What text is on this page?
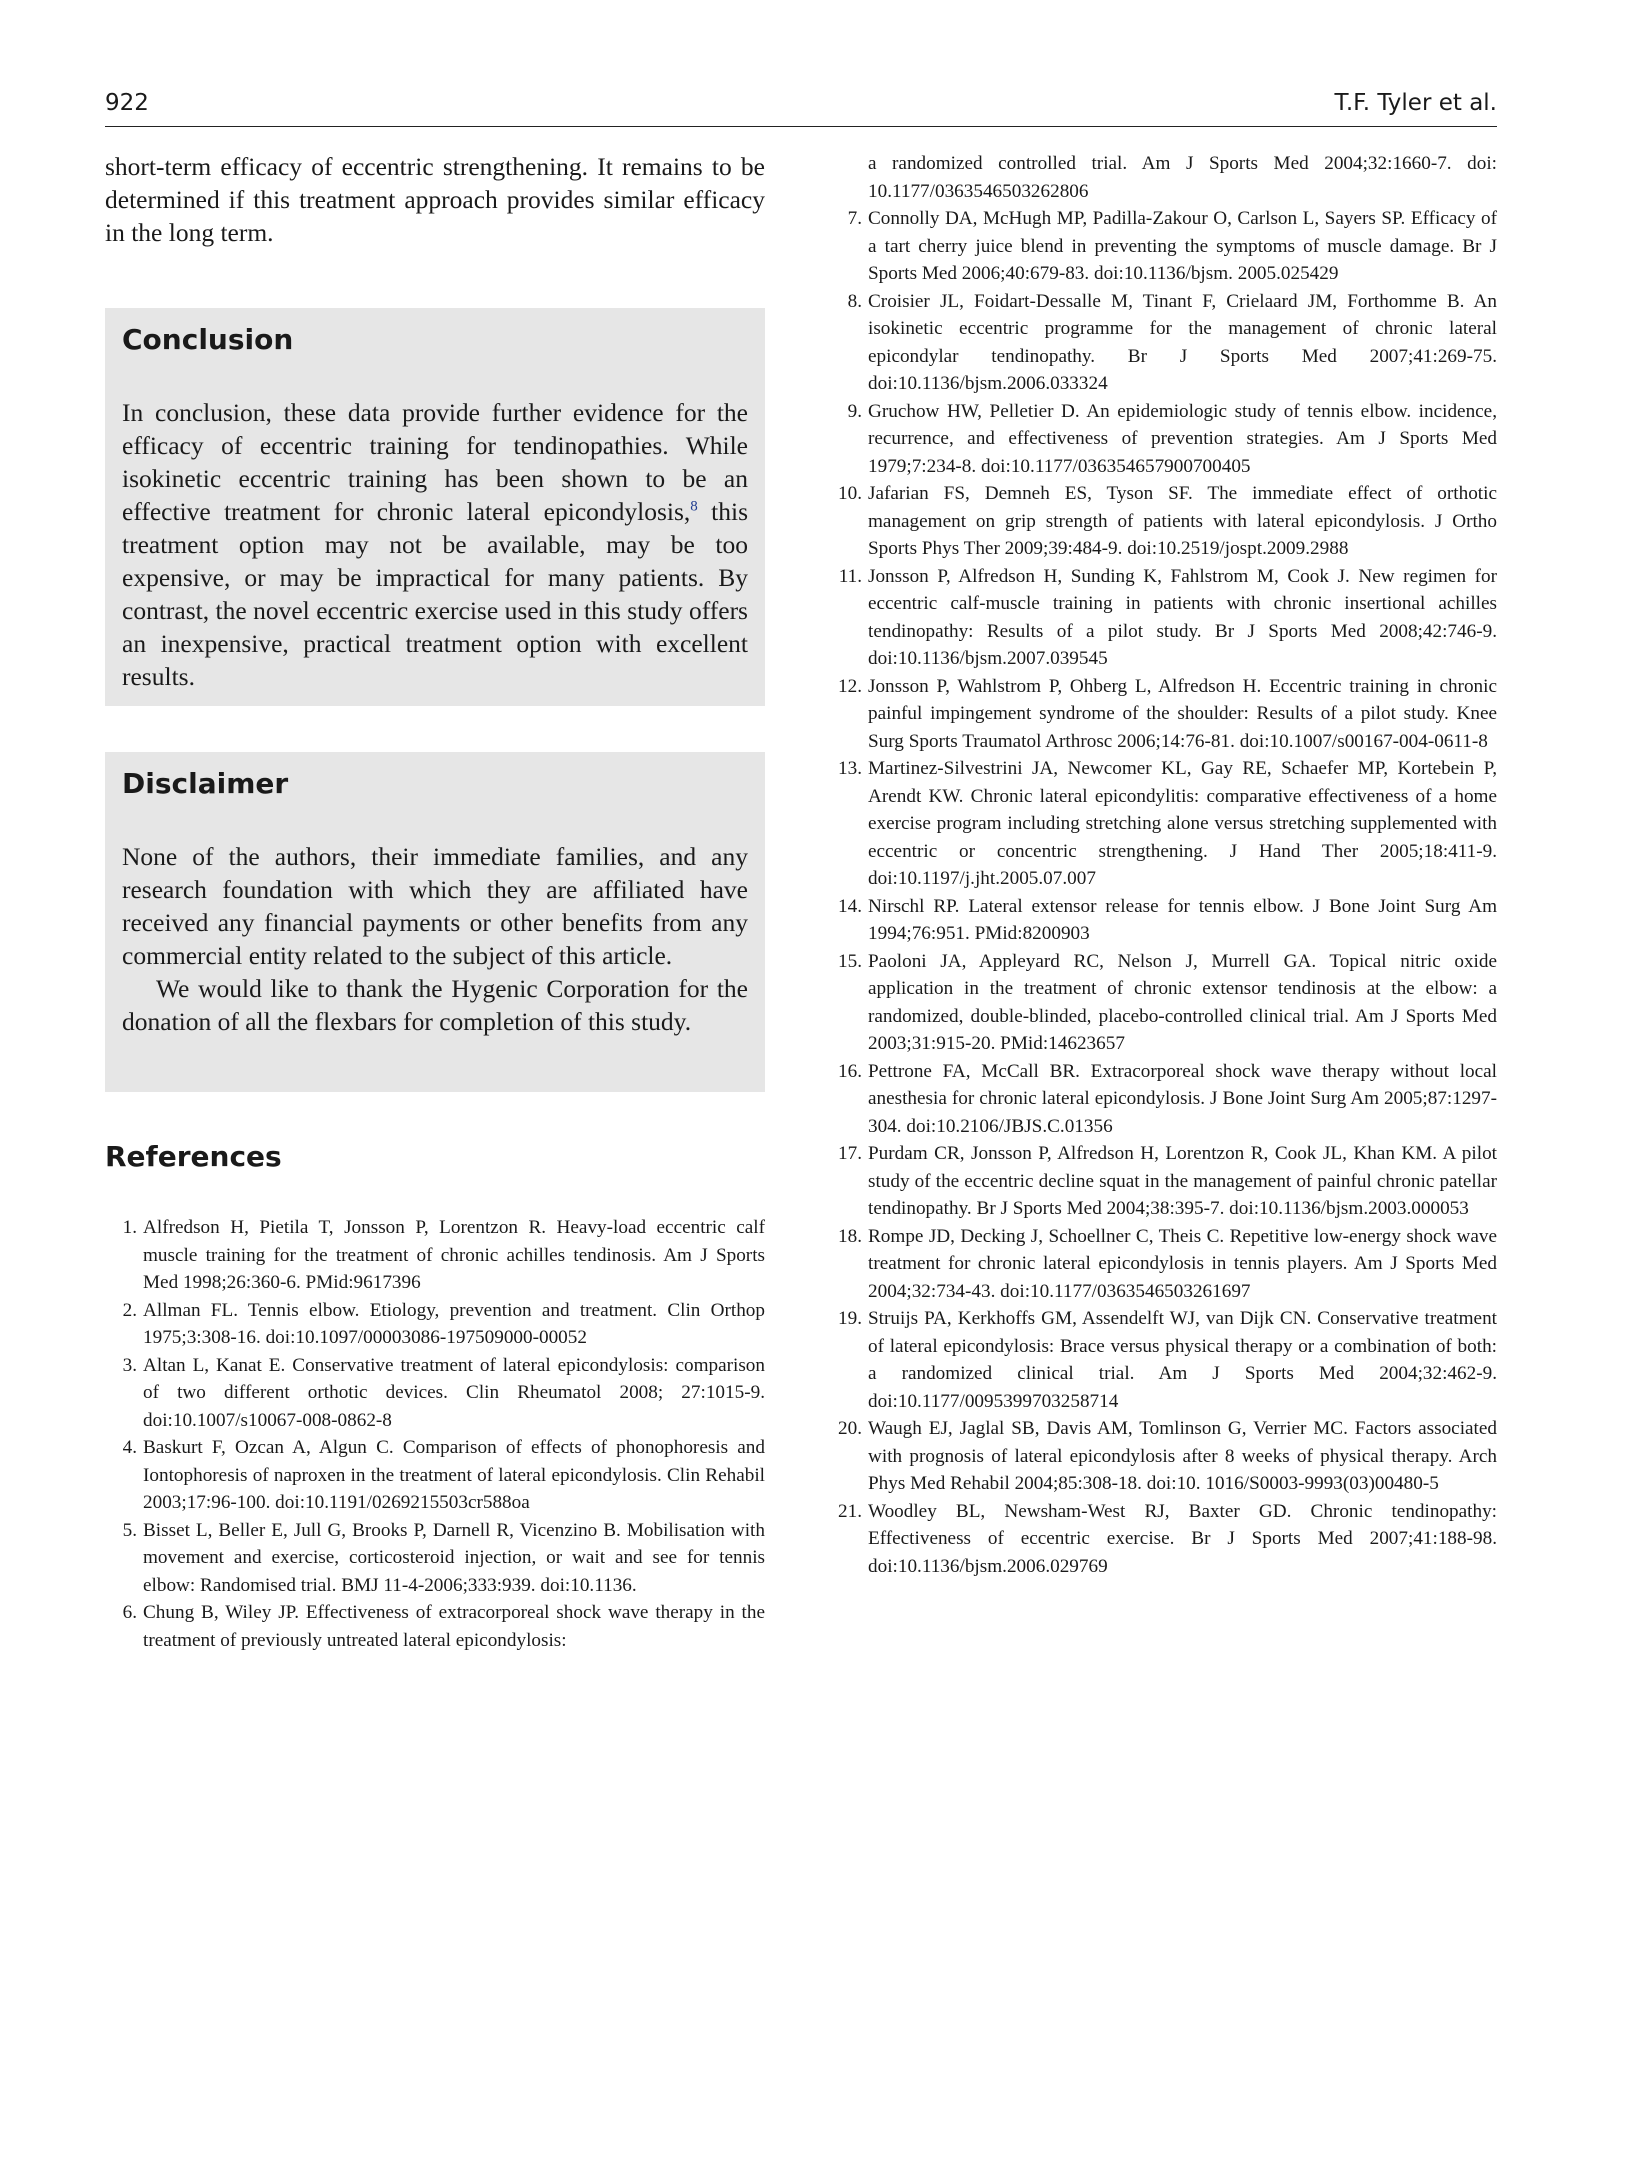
922	T.F. Tyler et al.

short-term efficacy of eccentric strengthening. It remains to be determined if this treatment approach provides similar efficacy in the long term.

Conclusion

In conclusion, these data provide further evidence for the efficacy of eccentric training for tendinopathies. While isokinetic eccentric training has been shown to be an effective treatment for chronic lateral epicondylosis,$^8$ this treatment option may not be available, may be too expensive, or may be impractical for many patients. By contrast, the novel eccentric exercise used in this study offers an inexpensive, practical treatment option with excellent results.

Disclaimer

None of the authors, their immediate families, and any research foundation with which they are affiliated have received any financial payments or other benefits from any commercial entity related to the subject of this article.

We would like to thank the Hygenic Corporation for the donation of all the flexbars for completion of this study.

References
1. Alfredson H, Pietila T, Jonsson P, Lorentzon R. Heavy-load eccentric calf muscle training for the treatment of chronic achilles tendinosis. Am J Sports Med 1998;26:360-6. PMid:9617396
2. Allman FL. Tennis elbow. Etiology, prevention and treatment. Clin Orthop 1975;3:308-16. doi:10.1097/00003086-197509000-00052
3. Altan L, Kanat E. Conservative treatment of lateral epicondylosis: comparison of two different orthotic devices. Clin Rheumatol 2008; 27:1015-9. doi:10.1007/s10067-008-0862-8
4. Baskurt F, Ozcan A, Algun C. Comparison of effects of phonophoresis and Iontophoresis of naproxen in the treatment of lateral epicondylosis. Clin Rehabil 2003;17:96-100. doi:10.1191/0269215503cr588oa
5. Bisset L, Beller E, Jull G, Brooks P, Darnell R, Vicenzino B. Mobilisation with movement and exercise, corticosteroid injection, or wait and see for tennis elbow: Randomised trial. BMJ 11-4-2006;333:939. doi:10.1136.
6. Chung B, Wiley JP. Effectiveness of extracorporeal shock wave therapy in the treatment of previously untreated lateral epicondylosis:
a randomized controlled trial. Am J Sports Med 2004;32:1660-7. doi: 10.1177/0363546503262806
7. Connolly DA, McHugh MP, Padilla-Zakour O, Carlson L, Sayers SP. Efficacy of a tart cherry juice blend in preventing the symptoms of muscle damage. Br J Sports Med 2006;40:679-83. doi:10.1136/bjsm. 2005.025429
8. Croisier JL, Foidart-Dessalle M, Tinant F, Crielaard JM, Forthomme B. An isokinetic eccentric programme for the management of chronic lateral epicondylar tendinopathy. Br J Sports Med 2007;41:269-75. doi:10.1136/bjsm.2006.033324
9. Gruchow HW, Pelletier D. An epidemiologic study of tennis elbow. incidence, recurrence, and effectiveness of prevention strategies. Am J Sports Med 1979;7:234-8. doi:10.1177/036354657900700405
10. Jafarian FS, Demneh ES, Tyson SF. The immediate effect of orthotic management on grip strength of patients with lateral epicondylosis. J Ortho Sports Phys Ther 2009;39:484-9. doi:10.2519/jospt.2009.2988
11. Jonsson P, Alfredson H, Sunding K, Fahlstrom M, Cook J. New regimen for eccentric calf-muscle training in patients with chronic insertional achilles tendinopathy: Results of a pilot study. Br J Sports Med 2008;42:746-9. doi:10.1136/bjsm.2007.039545
12. Jonsson P, Wahlstrom P, Ohberg L, Alfredson H. Eccentric training in chronic painful impingement syndrome of the shoulder: Results of a pilot study. Knee Surg Sports Traumatol Arthrosc 2006;14:76-81. doi:10.1007/s00167-004-0611-8
13. Martinez-Silvestrini JA, Newcomer KL, Gay RE, Schaefer MP, Kortebein P, Arendt KW. Chronic lateral epicondylitis: comparative effectiveness of a home exercise program including stretching alone versus stretching supplemented with eccentric or concentric strengthening. J Hand Ther 2005;18:411-9. doi:10.1197/j.jht.2005.07.007
14. Nirschl RP. Lateral extensor release for tennis elbow. J Bone Joint Surg Am 1994;76:951. PMid:8200903
15. Paoloni JA, Appleyard RC, Nelson J, Murrell GA. Topical nitric oxide application in the treatment of chronic extensor tendinosis at the elbow: a randomized, double-blinded, placebo-controlled clinical trial. Am J Sports Med 2003;31:915-20. PMid:14623657
16. Pettrone FA, McCall BR. Extracorporeal shock wave therapy without local anesthesia for chronic lateral epicondylosis. J Bone Joint Surg Am 2005;87:1297-304. doi:10.2106/JBJS.C.01356
17. Purdam CR, Jonsson P, Alfredson H, Lorentzon R, Cook JL, Khan KM. A pilot study of the eccentric decline squat in the management of painful chronic patellar tendinopathy. Br J Sports Med 2004;38:395-7. doi:10.1136/bjsm.2003.000053
18. Rompe JD, Decking J, Schoellner C, Theis C. Repetitive low-energy shock wave treatment for chronic lateral epicondylosis in tennis players. Am J Sports Med 2004;32:734-43. doi:10.1177/0363546503261697
19. Struijs PA, Kerkhoffs GM, Assendelft WJ, van Dijk CN. Conservative treatment of lateral epicondylosis: Brace versus physical therapy or a combination of both: a randomized clinical trial. Am J Sports Med 2004;32:462-9. doi:10.1177/0095399703258714
20. Waugh EJ, Jaglal SB, Davis AM, Tomlinson G, Verrier MC. Factors associated with prognosis of lateral epicondylosis after 8 weeks of physical therapy. Arch Phys Med Rehabil 2004;85:308-18. doi:10. 1016/S0003-9993(03)00480-5
21. Woodley BL, Newsham-West RJ, Baxter GD. Chronic tendinopathy: Effectiveness of eccentric exercise. Br J Sports Med 2007;41:188-98. doi:10.1136/bjsm.2006.029769
